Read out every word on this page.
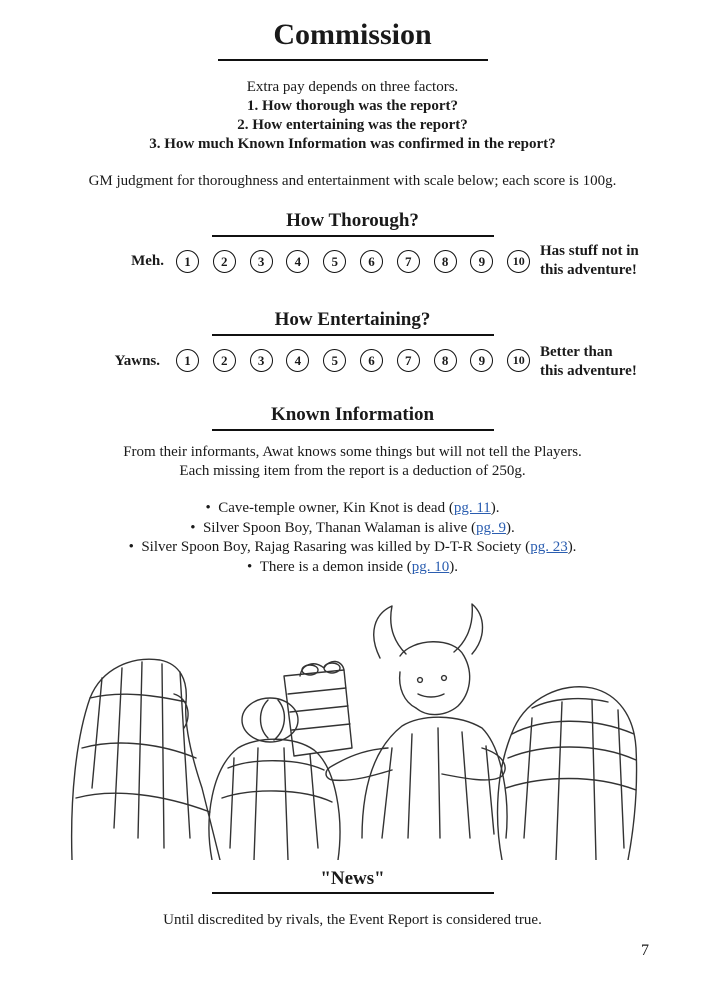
Commission
Extra pay depends on three factors.
1. How thorough was the report?
2. How entertaining was the report?
3. How much Known Information was confirmed in the report?
GM judgment for thoroughness and entertainment with scale below; each score is 100g.
How Thorough?
Meh.
Has stuff not in
this adventure!
1	2	3	4	5	6	7	8	9	10
How Entertaining?
Yawns.
Better than
this adventure!
1	2	3	4	5	6	7	8	9	10
Known Information
From their informants, Awat knows some things but will not tell the Players.
Each missing item from the report is a deduction of 250g.
•  Cave-temple owner, Kin Knot is dead (pg. 11).
•  Silver Spoon Boy, Thanan Walaman is alive (pg. 9).
•  Silver Spoon Boy, Rajag Rasaring was killed by D-T-R Society (pg. 23).
•  There is a demon inside (pg. 10).
"News"
Until discredited by rivals, the Event Report is considered true.
7
